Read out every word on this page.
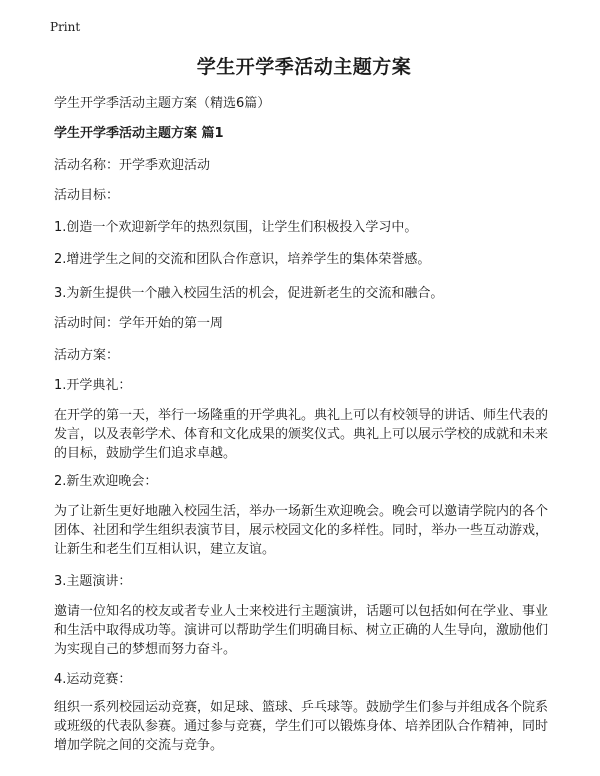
Print
学生开学季活动主题方案

学生开学季活动主题方案（精选6篇）

学生开学季活动主题方案 篇1

活动名称：开学季欢迎活动

活动目标：

1.创造一个欢迎新学年的热烈氛围，让学生们积极投入学习中。

2.增进学生之间的交流和团队合作意识，培养学生的集体荣誉感。

3.为新生提供一个融入校园生活的机会，促进新老生的交流和融合。

活动时间：学年开始的第一周

活动方案：

1.开学典礼：

在开学的第一天，举行一场隆重的开学典礼。典礼上可以有校领导的讲话、师生代表的发言，以及表彰学术、体育和文化成果的颁奖仪式。典礼上可以展示学校的成就和未来的目标，鼓励学生们追求卓越。

2.新生欢迎晚会：

为了让新生更好地融入校园生活，举办一场新生欢迎晚会。晚会可以邀请学院内的各个团体、社团和学生组织表演节目，展示校园文化的多样性。同时，举办一些互动游戏，让新生和老生们互相认识，建立友谊。

3.主题演讲：

邀请一位知名的校友或者专业人士来校进行主题演讲，话题可以包括如何在学业、事业和生活中取得成功等。演讲可以帮助学生们明确目标、树立正确的人生导向，激励他们为实现自己的梦想而努力奋斗。

4.运动竞赛：

组织一系列校园运动竞赛，如足球、篮球、乒乓球等。鼓励学生们参与并组成各个院系或班级的代表队参赛。通过参与竞赛，学生们可以锻炼身体、培养团队合作精神，同时增加学院之间的交流与竞争。
